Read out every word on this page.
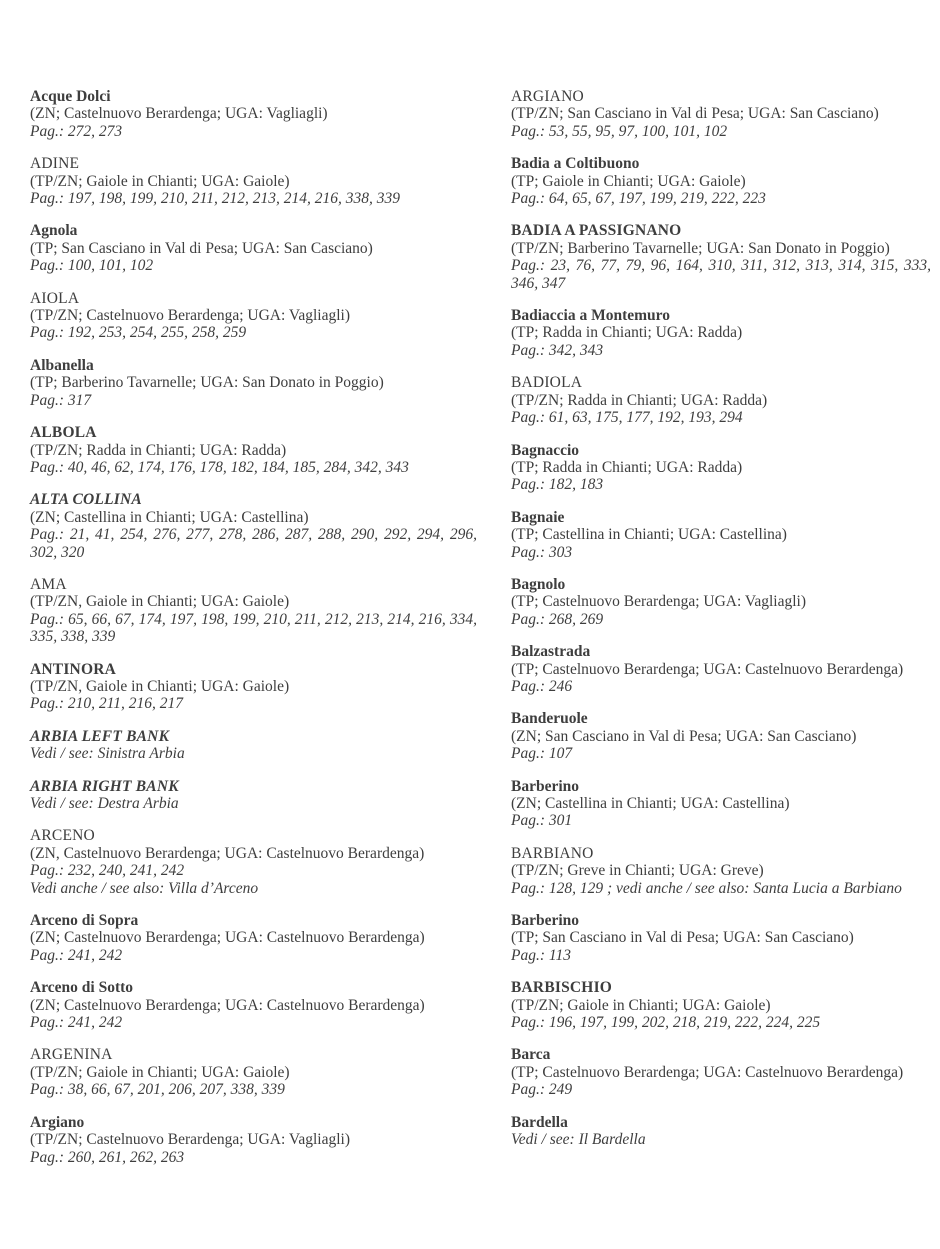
Acque Dolci
(ZN; Castelnuovo Berardenga; UGA: Vagliagli)
Pag.: 272, 273
ADINE
(TP/ZN; Gaiole in Chianti; UGA: Gaiole)
Pag.: 197, 198, 199, 210, 211, 212, 213, 214, 216, 338, 339
Agnola
(TP; San Casciano in Val di Pesa; UGA: San Casciano)
Pag.: 100, 101, 102
AIOLA
(TP/ZN; Castelnuovo Berardenga; UGA: Vagliagli)
Pag.: 192, 253, 254, 255, 258, 259
Albanella
(TP; Barberino Tavarnelle; UGA: San Donato in Poggio)
Pag.: 317
ALBOLA
(TP/ZN; Radda in Chianti; UGA: Radda)
Pag.: 40, 46, 62, 174, 176, 178, 182, 184, 185, 284, 342, 343
ALTA COLLINA
(ZN; Castellina in Chianti; UGA: Castellina)
Pag.: 21, 41, 254, 276, 277, 278, 286, 287, 288, 290, 292, 294, 296, 302, 320
AMA
(TP/ZN, Gaiole in Chianti; UGA: Gaiole)
Pag.: 65, 66, 67, 174, 197, 198, 199, 210, 211, 212, 213, 214, 216, 334, 335, 338, 339
ANTINORA
(TP/ZN, Gaiole in Chianti; UGA: Gaiole)
Pag.: 210, 211, 216, 217
ARBIA LEFT BANK
Vedi / see: Sinistra Arbia
ARBIA RIGHT BANK
Vedi / see: Destra Arbia
ARCENO
(ZN, Castelnuovo Berardenga; UGA: Castelnuovo Berardenga)
Pag.: 232, 240, 241, 242
Vedi anche / see also: Villa d’Arceno
Arceno di Sopra
(ZN; Castelnuovo Berardenga; UGA: Castelnuovo Berardenga)
Pag.: 241, 242
Arceno di Sotto
(ZN; Castelnuovo Berardenga; UGA: Castelnuovo Berardenga)
Pag.: 241, 242
ARGENINA
(TP/ZN; Gaiole in Chianti; UGA: Gaiole)
Pag.: 38, 66, 67, 201, 206, 207, 338, 339
Argiano
(TP/ZN; Castelnuovo Berardenga; UGA: Vagliagli)
Pag.: 260, 261, 262, 263
ARGIANO
(TP/ZN; San Casciano in Val di Pesa; UGA: San Casciano)
Pag.: 53, 55, 95, 97, 100, 101, 102
Badia a Coltibuono
(TP; Gaiole in Chianti; UGA: Gaiole)
Pag.: 64, 65, 67, 197, 199, 219, 222, 223
BADIA A PASSIGNANO
(TP/ZN; Barberino Tavarnelle; UGA: San Donato in Poggio)
Pag.: 23, 76, 77, 79, 96, 164, 310, 311, 312, 313, 314, 315, 333, 346, 347
Badiaccia a Montemuro
(TP; Radda in Chianti; UGA: Radda)
Pag.: 342, 343
BADIOLA
(TP/ZN; Radda in Chianti; UGA: Radda)
Pag.: 61, 63, 175, 177, 192, 193, 294
Bagnaccio
(TP; Radda in Chianti; UGA: Radda)
Pag.: 182, 183
Bagnaie
(TP; Castellina in Chianti; UGA: Castellina)
Pag.: 303
Bagnolo
(TP; Castelnuovo Berardenga; UGA: Vagliagli)
Pag.: 268, 269
Balzastrada
(TP; Castelnuovo Berardenga; UGA: Castelnuovo Berardenga)
Pag.: 246
Banderuole
(ZN; San Casciano in Val di Pesa; UGA: San Casciano)
Pag.: 107
Barberino
(ZN; Castellina in Chianti; UGA: Castellina)
Pag.: 301
BARBIANO
(TP/ZN; Greve in Chianti; UGA: Greve)
Pag.: 128, 129 ; vedi anche / see also: Santa Lucia a Barbiano
Barberino
(TP; San Casciano in Val di Pesa; UGA: San Casciano)
Pag.: 113
BARBISCHIO
(TP/ZN; Gaiole in Chianti; UGA: Gaiole)
Pag.: 196, 197, 199, 202, 218, 219, 222, 224, 225
Barca
(TP; Castelnuovo Berardenga; UGA: Castelnuovo Berardenga)
Pag.: 249
Bardella
Vedi / see: Il Bardella
